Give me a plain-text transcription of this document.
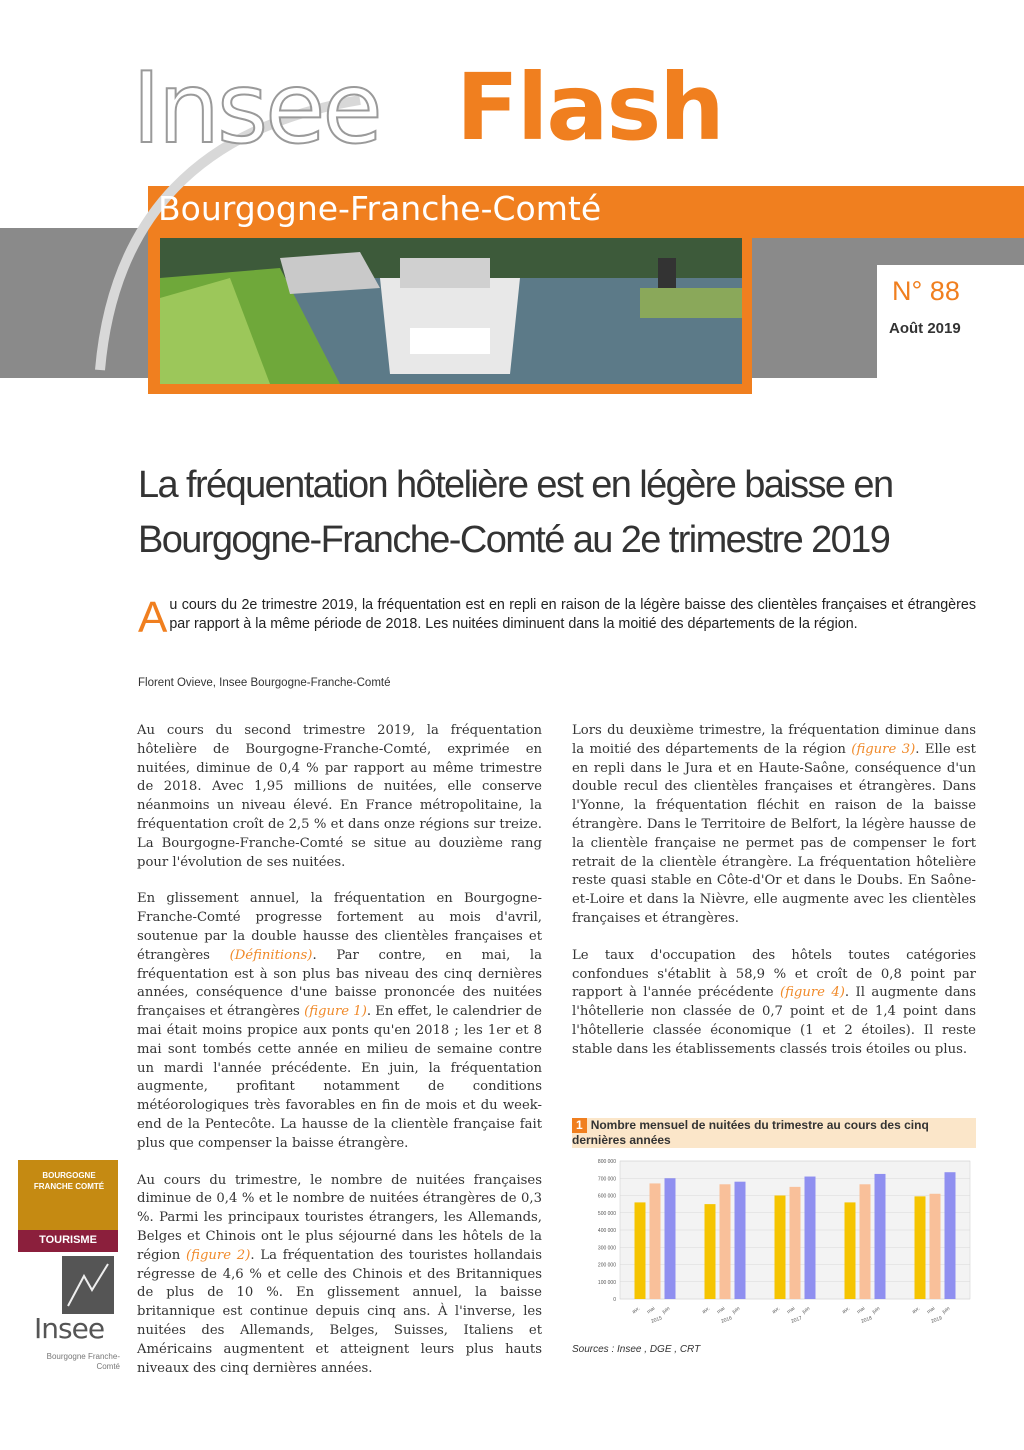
Insee Flash
Bourgogne-Franche-Comté
N° 88
Août 2019
La fréquentation hôtelière est en légère baisse en Bourgogne-Franche-Comté au 2e trimestre 2019
Au cours du 2e trimestre 2019, la fréquentation est en repli en raison de la légère baisse des clientèles françaises et étrangères par rapport à la même période de 2018. Les nuitées diminuent dans la moitié des départements de la région.
Florent Ovieve, Insee Bourgogne-Franche-Comté

Au cours du second trimestre 2019, la fréquentation hôtelière de Bourgogne-Franche-Comté, exprimée en nuitées, diminue de 0,4 % par rapport au même trimestre de 2018. Avec 1,95 millions de nuitées, elle conserve néanmoins un niveau élevé. En France métropolitaine, la fréquentation croît de 2,5 % et dans onze régions sur treize. La Bourgogne-Franche-Comté se situe au douzième rang pour l'évolution de ses nuitées.

En glissement annuel, la fréquentation en Bourgogne-Franche-Comté progresse fortement au mois d'avril, soutenue par la double hausse des clientèles françaises et étrangères (Définitions). Par contre, en mai, la fréquentation est à son plus bas niveau des cinq dernières années, conséquence d'une baisse prononcée des nuitées françaises et étrangères (figure 1). En effet, le calendrier de mai était moins propice aux ponts qu'en 2018 ; les 1er et 8 mai sont tombés cette année en milieu de semaine contre un mardi l'année précédente. En juin, la fréquentation augmente, profitant notamment de conditions météorologiques très favorables en fin de mois et du week-end de la Pentecôte. La hausse de la clientèle française fait plus que compenser la baisse étrangère.

Au cours du trimestre, le nombre de nuitées françaises diminue de 0,4 % et le nombre de nuitées étrangères de 0,3 %. Parmi les principaux touristes étrangers, les Allemands, Belges et Chinois ont le plus séjourné dans les hôtels de la région (figure 2). La fréquentation des touristes hollandais régresse de 4,6 % et celle des Chinois et des Britanniques de plus de 10 %. En glissement annuel, la baisse britannique est continue depuis cinq ans. À l'inverse, les nuitées des Allemands, Belges, Suisses, Italiens et Américains augmentent et atteignent leurs plus hauts niveaux des cinq dernières années.

Lors du deuxième trimestre, la fréquentation diminue dans la moitié des départements de la région (figure 3). Elle est en repli dans le Jura et en Haute-Saône, conséquence d'un double recul des clientèles françaises et étrangères. Dans l'Yonne, la fréquentation fléchit en raison de la baisse étrangère. Dans le Territoire de Belfort, la légère hausse de la clientèle française ne permet pas de compenser le fort retrait de la clientèle étrangère. La fréquentation hôtelière reste quasi stable en Côte-d'Or et dans le Doubs. En Saône-et-Loire et dans la Nièvre, elle augmente avec les clientèles françaises et étrangères.

Le taux d'occupation des hôtels toutes catégories confondues s'établit à 58,9 % et croît de 0,8 point par rapport à l'année précédente (figure 4). Il augmente dans l'hôtellerie non classée de 0,7 point et de 1,4 point dans l'hôtellerie classée économique (1 et 2 étoiles). Il reste stable dans les établissements classés trois étoiles ou plus.

1 Nombre mensuel de nuitées du trimestre au cours des cinq dernières années
0
100 000
200 000
300 000
400 000
500 000
600 000
700 000
800 000
avr. mai juin
2015
avr. mai juin
2016
avr. mai juin
2017
avr. mai juin
2018
avr. mai juin
2019
Sources : Insee , DGE , CRT
BOURGOGNE FRANCHE COMTÉ
TOURISME
Insee
Bourgogne Franche-Comté
